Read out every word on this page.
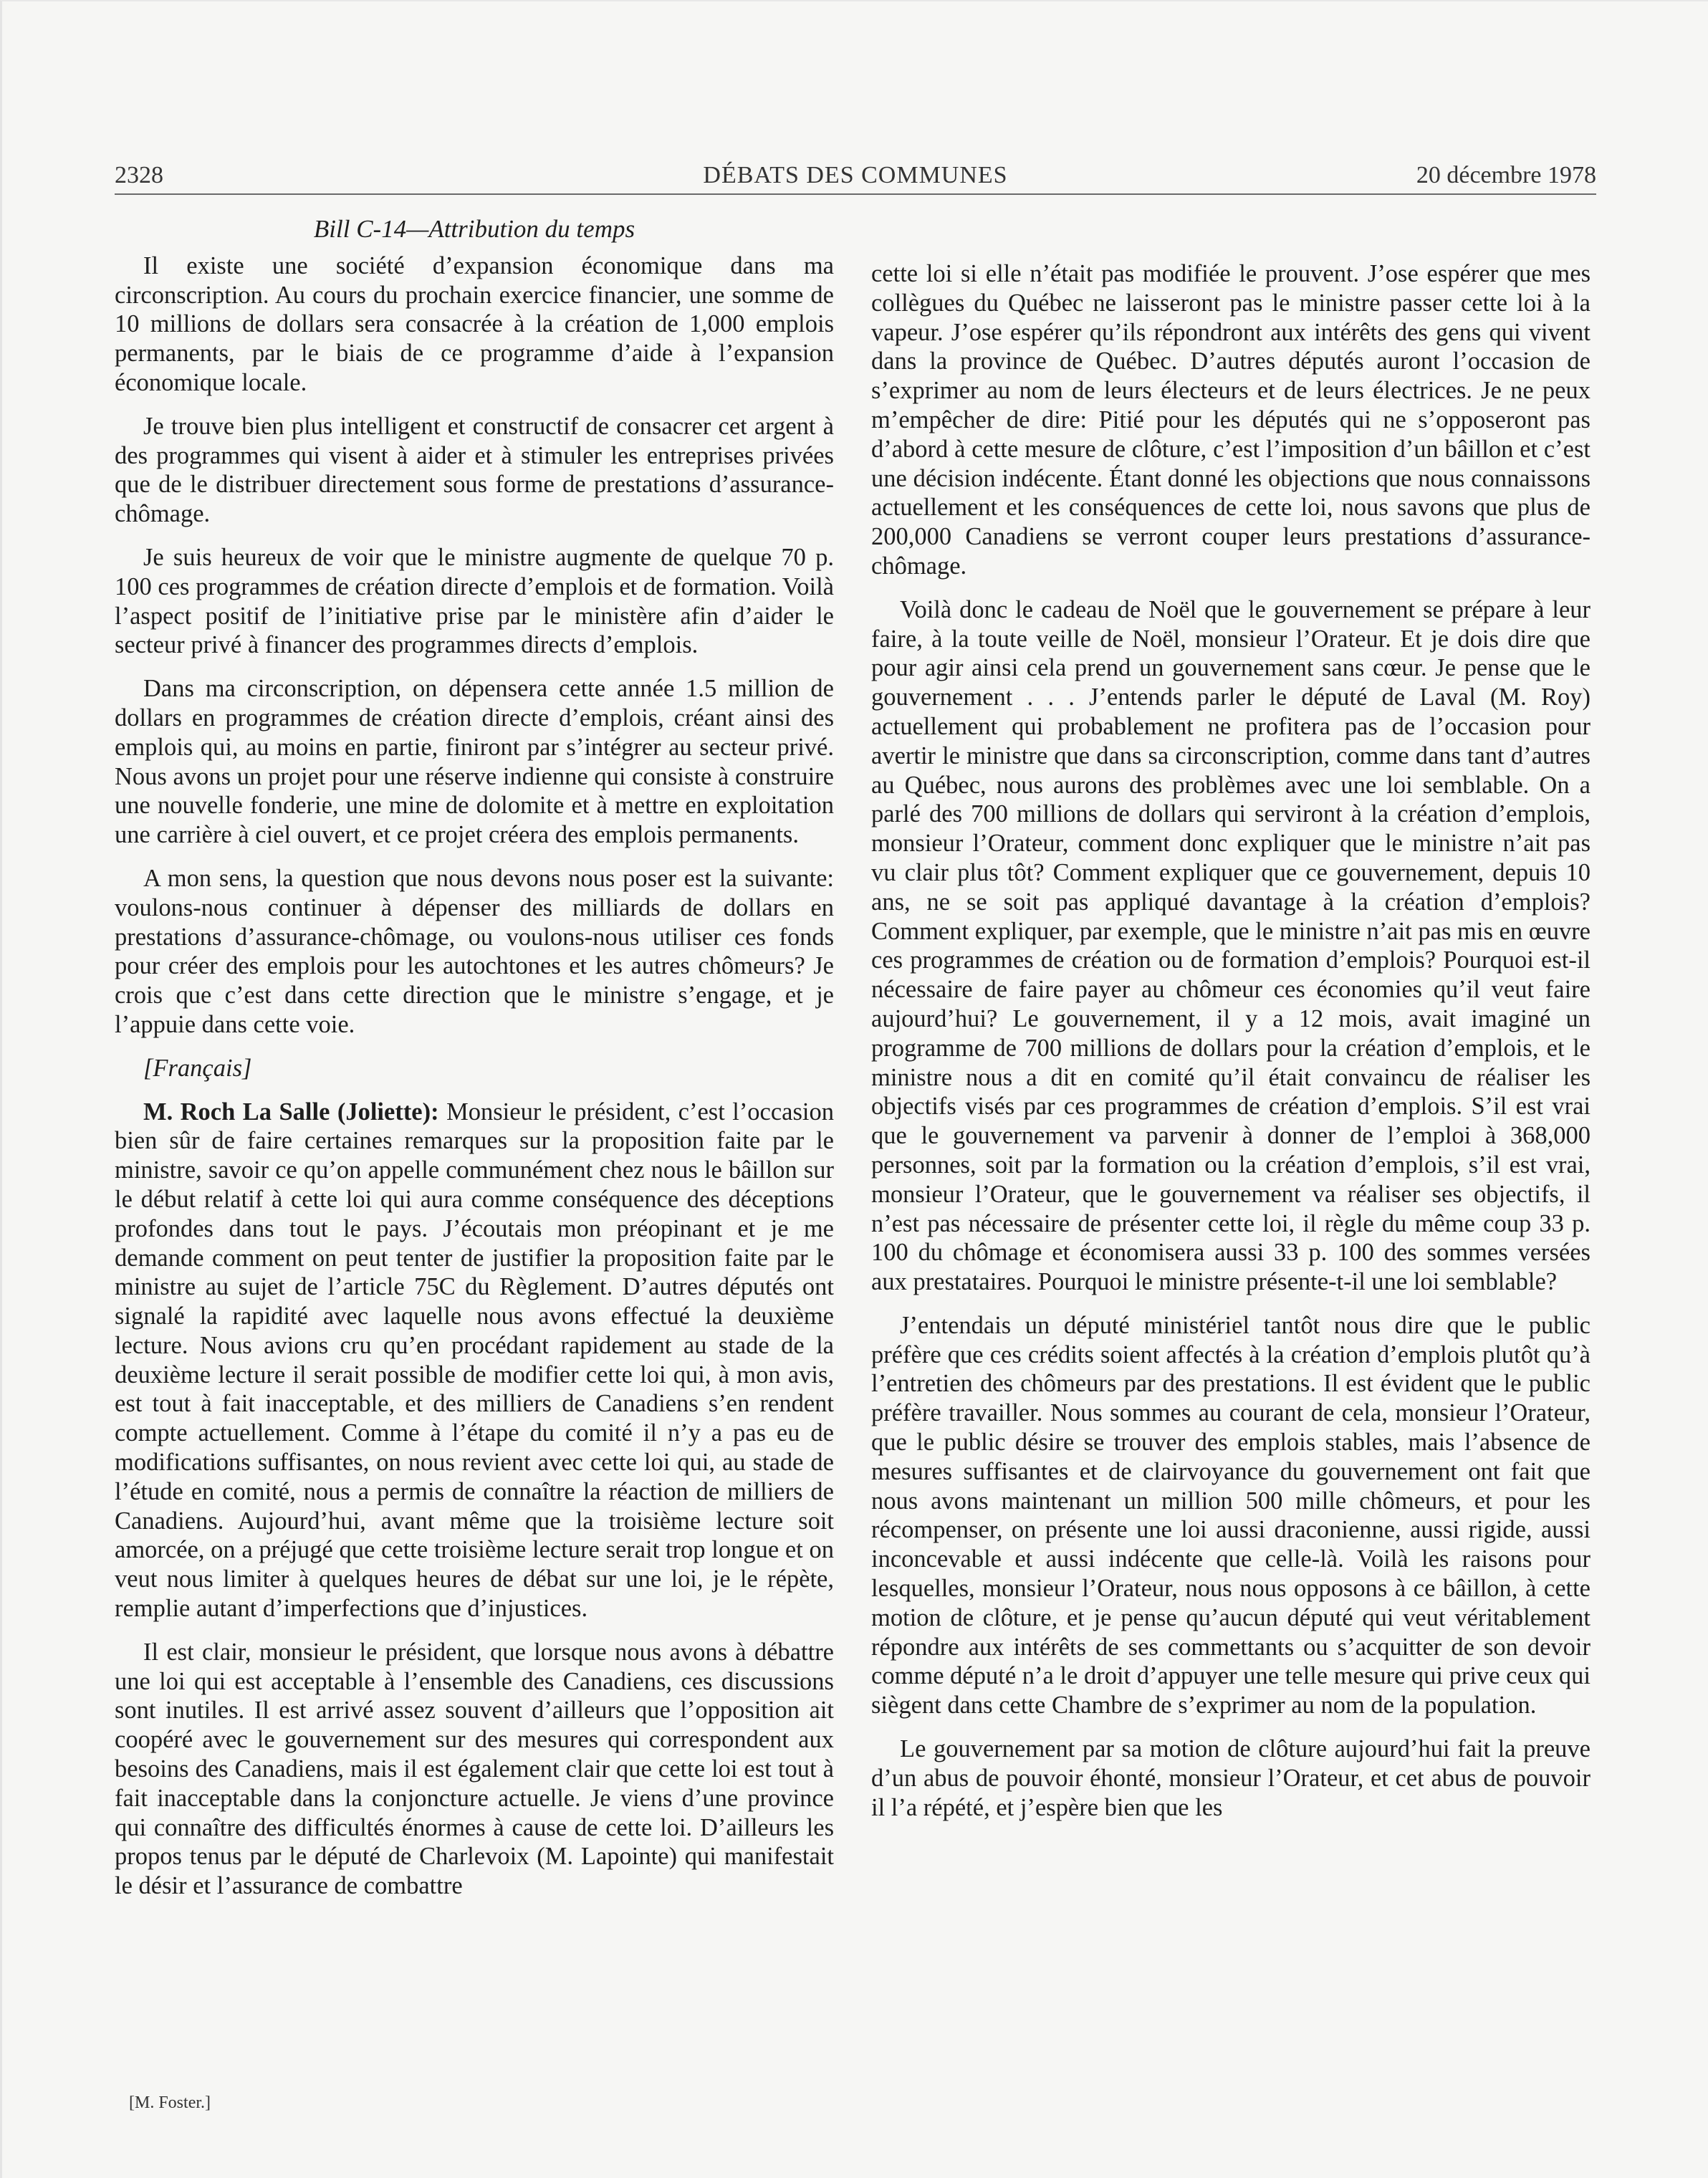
2328	DÉBATS DES COMMUNES	20 décembre 1978
Bill C-14—Attribution du temps

Il existe une société d’expansion économique dans ma circonscription. Au cours du prochain exercice financier, une somme de 10 millions de dollars sera consacrée à la création de 1,000 emplois permanents, par le biais de ce programme d’aide à l’expansion économique locale.

Je trouve bien plus intelligent et constructif de consacrer cet argent à des programmes qui visent à aider et à stimuler les entreprises privées que de le distribuer directement sous forme de prestations d’assurance-chômage.

Je suis heureux de voir que le ministre augmente de quelque 70 p. 100 ces programmes de création directe d’emplois et de formation. Voilà l’aspect positif de l’initiative prise par le ministère afin d’aider le secteur privé à financer des programmes directs d’emplois.

Dans ma circonscription, on dépensera cette année 1.5 million de dollars en programmes de création directe d’emplois, créant ainsi des emplois qui, au moins en partie, finiront par s’intégrer au secteur privé. Nous avons un projet pour une réserve indienne qui consiste à construire une nouvelle fonderie, une mine de dolomite et à mettre en exploitation une carrière à ciel ouvert, et ce projet créera des emplois permanents.

A mon sens, la question que nous devons nous poser est la suivante: voulons-nous continuer à dépenser des milliards de dollars en prestations d’assurance-chômage, ou voulons-nous utiliser ces fonds pour créer des emplois pour les autochtones et les autres chômeurs? Je crois que c’est dans cette direction que le ministre s’engage, et je l’appuie dans cette voie.

[Français]

M. Roch La Salle (Joliette): Monsieur le président, c’est l’occasion bien sûr de faire certaines remarques sur la proposition faite par le ministre, savoir ce qu’on appelle communément chez nous le bâillon sur le début relatif à cette loi qui aura comme conséquence des déceptions profondes dans tout le pays. J’écoutais mon préopinant et je me demande comment on peut tenter de justifier la proposition faite par le ministre au sujet de l’article 75C du Règlement. D’autres députés ont signalé la rapidité avec laquelle nous avons effectué la deuxième lecture. Nous avions cru qu’en procédant rapidement au stade de la deuxième lecture il serait possible de modifier cette loi qui, à mon avis, est tout à fait inacceptable, et des milliers de Canadiens s’en rendent compte actuellement. Comme à l’étape du comité il n’y a pas eu de modifications suffisantes, on nous revient avec cette loi qui, au stade de l’étude en comité, nous a permis de connaître la réaction de milliers de Canadiens. Aujourd’hui, avant même que la troisième lecture soit amorcée, on a préjugé que cette troisième lecture serait trop longue et on veut nous limiter à quelques heures de débat sur une loi, je le répète, remplie autant d’imperfections que d’injustices.

Il est clair, monsieur le président, que lorsque nous avons à débattre une loi qui est acceptable à l’ensemble des Canadiens, ces discussions sont inutiles. Il est arrivé assez souvent d’ailleurs que l’opposition ait coopéré avec le gouvernement sur des mesures qui correspondent aux besoins des Canadiens, mais il est également clair que cette loi est tout à fait inacceptable dans la conjoncture actuelle. Je viens d’une province qui connaître des difficultés énormes à cause de cette loi. D’ailleurs les propos tenus par le député de Charlevoix (M. Lapointe) qui manifestait le désir et l’assurance de combattre

cette loi si elle n’était pas modifiée le prouvent. J’ose espérer que mes collègues du Québec ne laisseront pas le ministre passer cette loi à la vapeur. J’ose espérer qu’ils répondront aux intérêts des gens qui vivent dans la province de Québec. D’autres députés auront l’occasion de s’exprimer au nom de leurs électeurs et de leurs électrices. Je ne peux m’empêcher de dire: Pitié pour les députés qui ne s’opposeront pas d’abord à cette mesure de clôture, c’est l’imposition d’un bâillon et c’est une décision indécente. Étant donné les objections que nous connaissons actuellement et les conséquences de cette loi, nous savons que plus de 200,000 Canadiens se verront couper leurs prestations d’assurance-chômage.

Voilà donc le cadeau de Noël que le gouvernement se prépare à leur faire, à la toute veille de Noël, monsieur l’Orateur. Et je dois dire que pour agir ainsi cela prend un gouvernement sans cœur. Je pense que le gouvernement . . . J’entends parler le député de Laval (M. Roy) actuellement qui probablement ne profitera pas de l’occasion pour avertir le ministre que dans sa circonscription, comme dans tant d’autres au Québec, nous aurons des problèmes avec une loi semblable. On a parlé des 700 millions de dollars qui serviront à la création d’emplois, monsieur l’Orateur, comment donc expliquer que le ministre n’ait pas vu clair plus tôt? Comment expliquer que ce gouvernement, depuis 10 ans, ne se soit pas appliqué davantage à la création d’emplois? Comment expliquer, par exemple, que le ministre n’ait pas mis en œuvre ces programmes de création ou de formation d’emplois? Pourquoi est-il nécessaire de faire payer au chômeur ces économies qu’il veut faire aujourd’hui? Le gouvernement, il y a 12 mois, avait imaginé un programme de 700 millions de dollars pour la création d’emplois, et le ministre nous a dit en comité qu’il était convaincu de réaliser les objectifs visés par ces programmes de création d’emplois. S’il est vrai que le gouvernement va parvenir à donner de l’emploi à 368,000 personnes, soit par la formation ou la création d’emplois, s’il est vrai, monsieur l’Orateur, que le gouvernement va réaliser ses objectifs, il n’est pas nécessaire de présenter cette loi, il règle du même coup 33 p. 100 du chômage et économisera aussi 33 p. 100 des sommes versées aux prestataires. Pourquoi le ministre présente-t-il une loi semblable?

J’entendais un député ministériel tantôt nous dire que le public préfère que ces crédits soient affectés à la création d’emplois plutôt qu’à l’entretien des chômeurs par des prestations. Il est évident que le public préfère travailler. Nous sommes au courant de cela, monsieur l’Orateur, que le public désire se trouver des emplois stables, mais l’absence de mesures suffisantes et de clairvoyance du gouvernement ont fait que nous avons maintenant un million 500 mille chômeurs, et pour les récompenser, on présente une loi aussi draconienne, aussi rigide, aussi inconcevable et aussi indécente que celle-là. Voilà les raisons pour lesquelles, monsieur l’Orateur, nous nous opposons à ce bâillon, à cette motion de clôture, et je pense qu’aucun député qui veut véritablement répondre aux intérêts de ses commettants ou s’acquitter de son devoir comme député n’a le droit d’appuyer une telle mesure qui prive ceux qui siègent dans cette Chambre de s’exprimer au nom de la population.

Le gouvernement par sa motion de clôture aujourd’hui fait la preuve d’un abus de pouvoir éhonté, monsieur l’Orateur, et cet abus de pouvoir il l’a répété, et j’espère bien que les

[M. Foster.]
